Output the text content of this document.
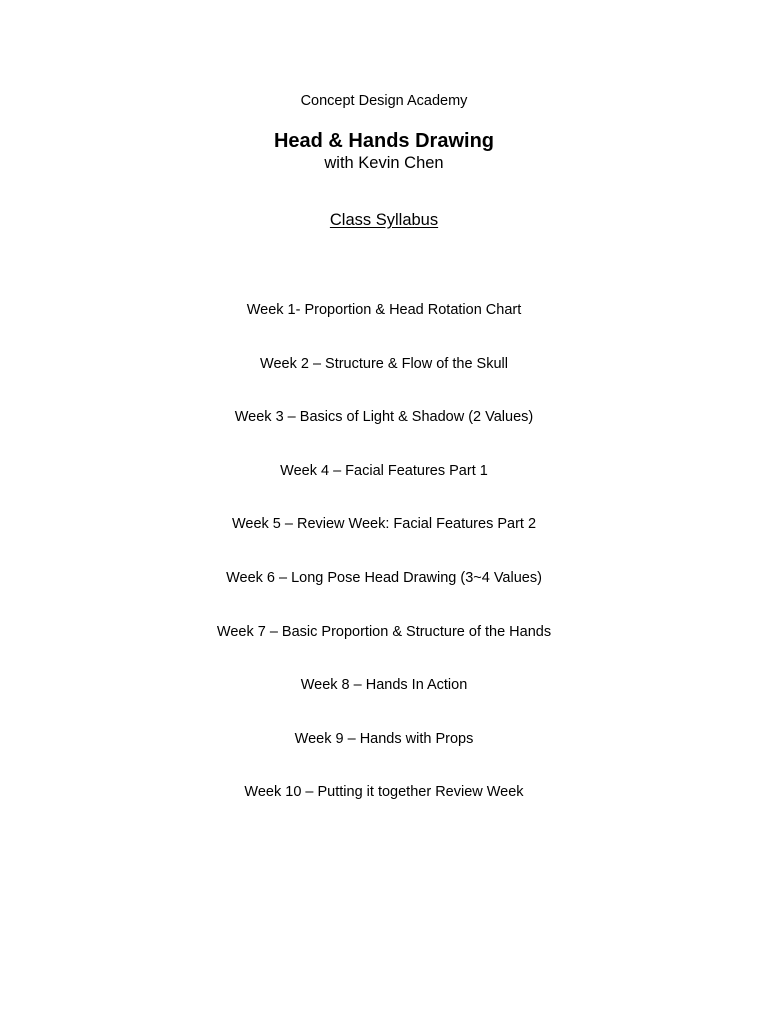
Concept Design Academy
Head & Hands Drawing
with Kevin Chen
Class Syllabus
Week 1- Proportion & Head Rotation Chart
Week 2 – Structure & Flow of the Skull
Week 3 – Basics of Light & Shadow (2 Values)
Week 4 – Facial Features Part 1
Week 5 – Review Week: Facial Features Part 2
Week 6 – Long Pose Head Drawing (3~4 Values)
Week 7 – Basic Proportion & Structure of the Hands
Week 8 – Hands In Action
Week 9 – Hands with Props
Week 10 – Putting it together Review Week
